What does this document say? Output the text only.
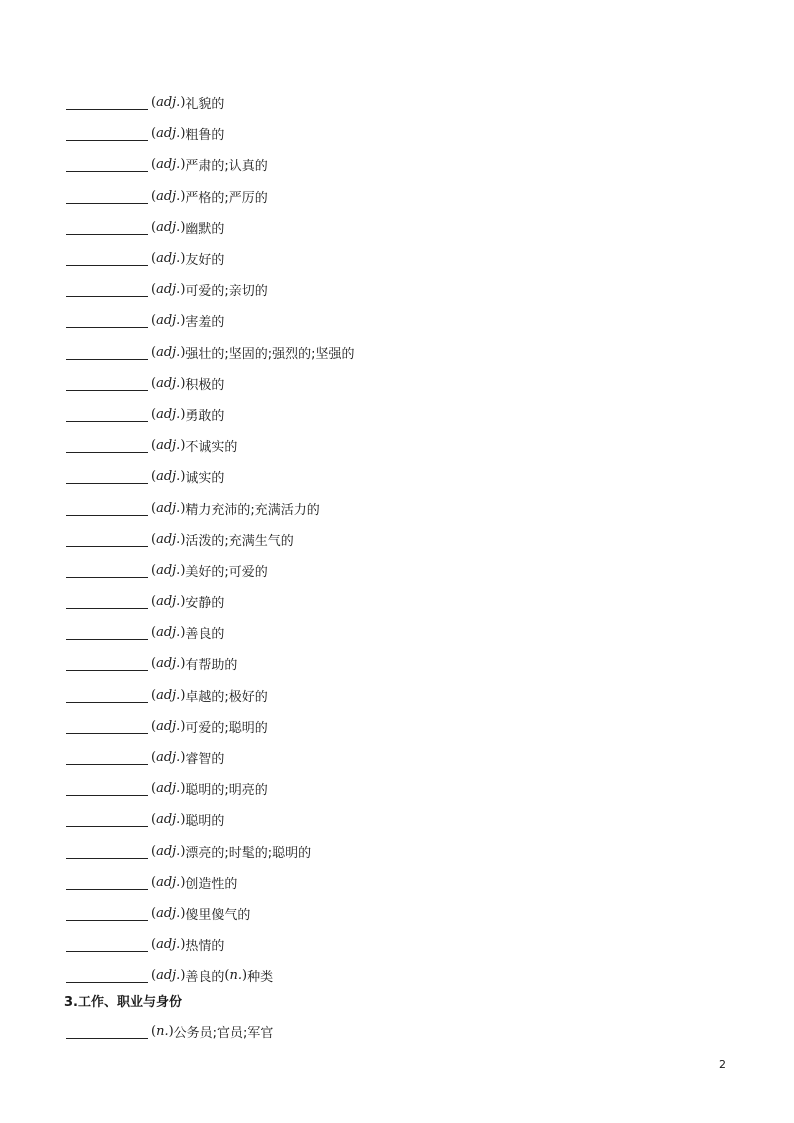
( adj. ) 礼貌的
( adj. ) 粗鲁的
( adj. ) 严肃的;认真的
( adj. ) 严格的;严厉的
( adj. ) 幽默的
( adj. ) 友好的
( adj. ) 可爱的;亲切的
( adj. ) 害羞的
( adj. ) 强壮的;坚固的;强烈的;坚强的
( adj. ) 积极的
( adj. ) 勇敢的
( adj. ) 不诚实的
( adj. ) 诚实的
( adj. ) 精力充沛的;充满活力的
( adj. ) 活泼的;充满生气的
( adj. ) 美好的;可爱的
( adj. ) 安静的
( adj. ) 善良的
( adj. ) 有帮助的
( adj. ) 卓越的;极好的
( adj. ) 可爱的;聪明的
( adj. ) 睿智的
( adj. ) 聪明的;明亮的
( adj. ) 聪明的
( adj. ) 漂亮的;时髦的;聪明的
( adj. ) 创造性的
( adj. ) 傻里傻气的
( adj. ) 热情的
( adj. ) 善良的 ( n. ) 种类
3.工作、职业与身份
( n. ) 公务员;官员;军官
2
